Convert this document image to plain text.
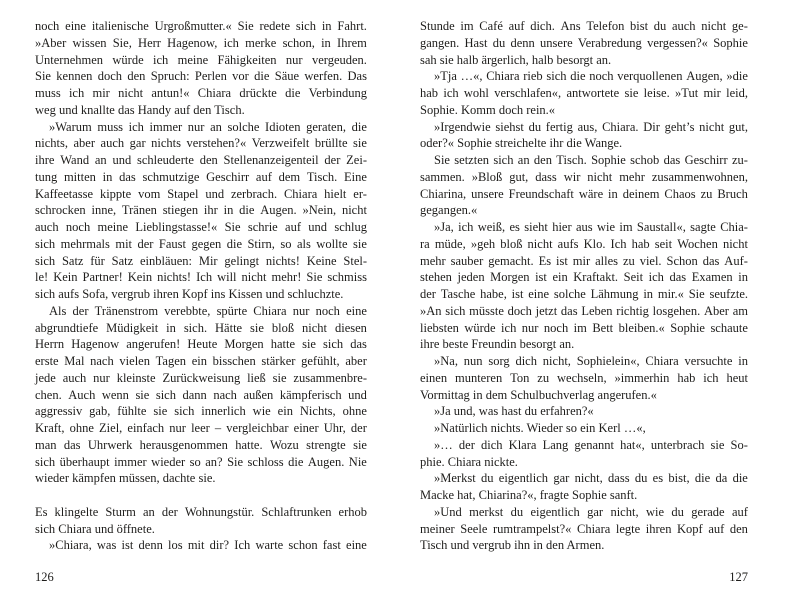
noch eine italienische Urgroßmutter.« Sie redete sich in Fahrt.
»Aber wissen Sie, Herr Hagenow, ich merke schon, in Ihrem
Unternehmen würde ich meine Fähigkeiten nur vergeuden.
Sie kennen doch den Spruch: Perlen vor die Säue werfen. Das
muss ich mir nicht antun!« Chiara drückte die Verbindung
weg und knallte das Handy auf den Tisch.
»Warum muss ich immer nur an solche Idioten geraten, die
nichts, aber auch gar nichts verstehen?« Verzweifelt brüllte sie
ihre Wand an und schleuderte den Stellenanzeigenteil der Zei-
tung mitten in das schmutzige Geschirr auf dem Tisch. Eine
Kaffeetasse kippte vom Stapel und zerbrach. Chiara hielt er-
schrocken inne, Tränen stiegen ihr in die Augen. »Nein, nicht
auch noch meine Lieblingstasse!« Sie schrie auf und schlug
sich mehrmals mit der Faust gegen die Stirn, so als wollte sie
sich Satz für Satz einbläuen: Mir gelingt nichts! Keine Stel-
le! Kein Partner! Kein nichts! Ich will nicht mehr! Sie schmiss
sich aufs Sofa, vergrub ihren Kopf ins Kissen und schluchzte.
Als der Tränenstrom verebbte, spürte Chiara nur noch eine
abgrundtiefe Müdigkeit in sich. Hätte sie bloß nicht diesen
Herrn Hagenow angerufen! Heute Morgen hatte sie sich das
erste Mal nach vielen Tagen ein bisschen stärker gefühlt, aber
jede auch nur kleinste Zurückweisung ließ sie zusammenbre-
chen. Auch wenn sie sich dann nach außen kämpferisch und
aggressiv gab, fühlte sie sich innerlich wie ein Nichts, ohne
Kraft, ohne Ziel, einfach nur leer – vergleichbar einer Uhr, der
man das Uhrwerk herausgenommen hatte. Wozu strengte sie
sich überhaupt immer wieder so an? Sie schloss die Augen. Nie
wieder kämpfen müssen, dachte sie.
Es klingelte Sturm an der Wohnungstür. Schlaftrunken erhob
sich Chiara und öffnete.
»Chiara, was ist denn los mit dir? Ich warte schon fast eine
Stunde im Café auf dich. Ans Telefon bist du auch nicht ge-
gangen. Hast du denn unsere Verabredung vergessen?« Sophie
sah sie halb ärgerlich, halb besorgt an.
»Tja …«, Chiara rieb sich die noch verquollenen Augen, »die
hab ich wohl verschlafen«, antwortete sie leise. »Tut mir leid,
Sophie. Komm doch rein.«
»Irgendwie siehst du fertig aus, Chiara. Dir geht’s nicht gut,
oder?« Sophie streichelte ihr die Wange.
Sie setzten sich an den Tisch. Sophie schob das Geschirr zu-
sammen. »Bloß gut, dass wir nicht mehr zusammenwohnen,
Chiarina, unsere Freundschaft wäre in deinem Chaos zu Bruch
gegangen.«
»Ja, ich weiß, es sieht hier aus wie im Saustall«, sagte Chia-
ra müde, »geh bloß nicht aufs Klo. Ich hab seit Wochen nicht
mehr sauber gemacht. Es ist mir alles zu viel. Schon das Auf-
stehen jeden Morgen ist ein Kraftakt. Seit ich das Examen in
der Tasche habe, ist eine solche Lähmung in mir.« Sie seufzte.
»An sich müsste doch jetzt das Leben richtig losgehen. Aber am
liebsten würde ich nur noch im Bett bleiben.« Sophie schaute
ihre beste Freundin besorgt an.
»Na, nun sorg dich nicht, Sophielein«, Chiara versuchte in
einen munteren Ton zu wechseln, »immerhin hab ich heut
Vormittag in dem Schulbuchverlag angerufen.«
»Ja und, was hast du erfahren?«
»Natürlich nichts. Wieder so ein Kerl …«,
»… der dich Klara Lang genannt hat«, unterbrach sie So-
phie. Chiara nickte.
»Merkst du eigentlich gar nicht, dass du es bist, die da die
Macke hat, Chiarina?«, fragte Sophie sanft.
»Und merkst du eigentlich gar nicht, wie du gerade auf
meiner Seele rumtrampelst?« Chiara legte ihren Kopf auf den
Tisch und vergrub ihn in den Armen.
126	127
